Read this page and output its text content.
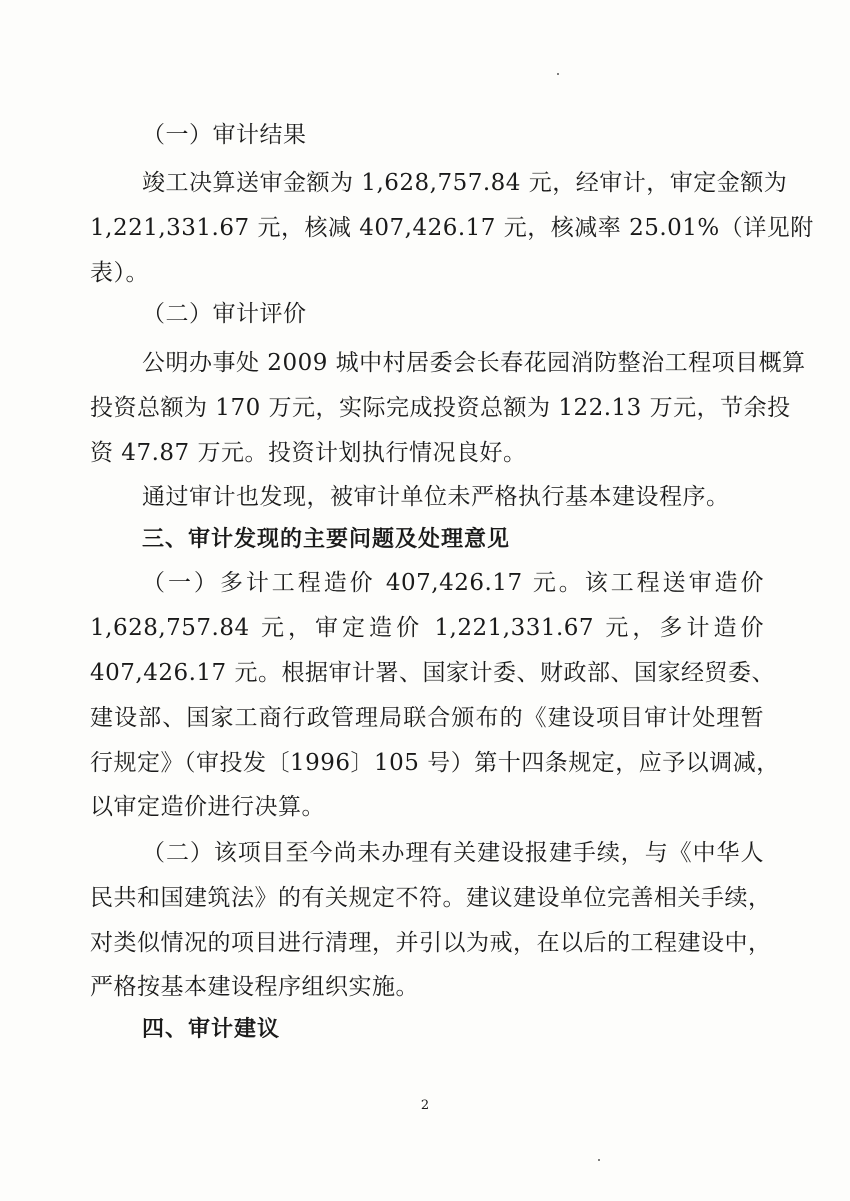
（一）审计结果
竣工决算送审金额为 1,628,757.84 元，经审计，审定金额为
1,221,331.67 元，核减 407,426.17 元，核减率 25.01%（详见附
表）。
（二）审计评价
公明办事处 2009 城中村居委会长春花园消防整治工程项目概算
投资总额为 170 万元，实际完成投资总额为 122.13 万元，节余投
资 47.87 万元。投资计划执行情况良好。
通过审计也发现，被审计单位未严格执行基本建设程序。
三、审计发现的主要问题及处理意见
（一）多计工程造价 407,426.17 元。该工程送审造价
1,628,757.84 元，审定造价 1,221,331.67 元，多计造价
407,426.17 元。根据审计署、国家计委、财政部、国家经贸委、
建设部、国家工商行政管理局联合颁布的《建设项目审计处理暂
行规定》（审投发〔1996〕105 号）第十四条规定，应予以调减，
以审定造价进行决算。
（二）该项目至今尚未办理有关建设报建手续，与《中华人
民共和国建筑法》的有关规定不符。建议建设单位完善相关手续，
对类似情况的项目进行清理，并引以为戒，在以后的工程建设中，
严格按基本建设程序组织实施。
四、审计建议
2
